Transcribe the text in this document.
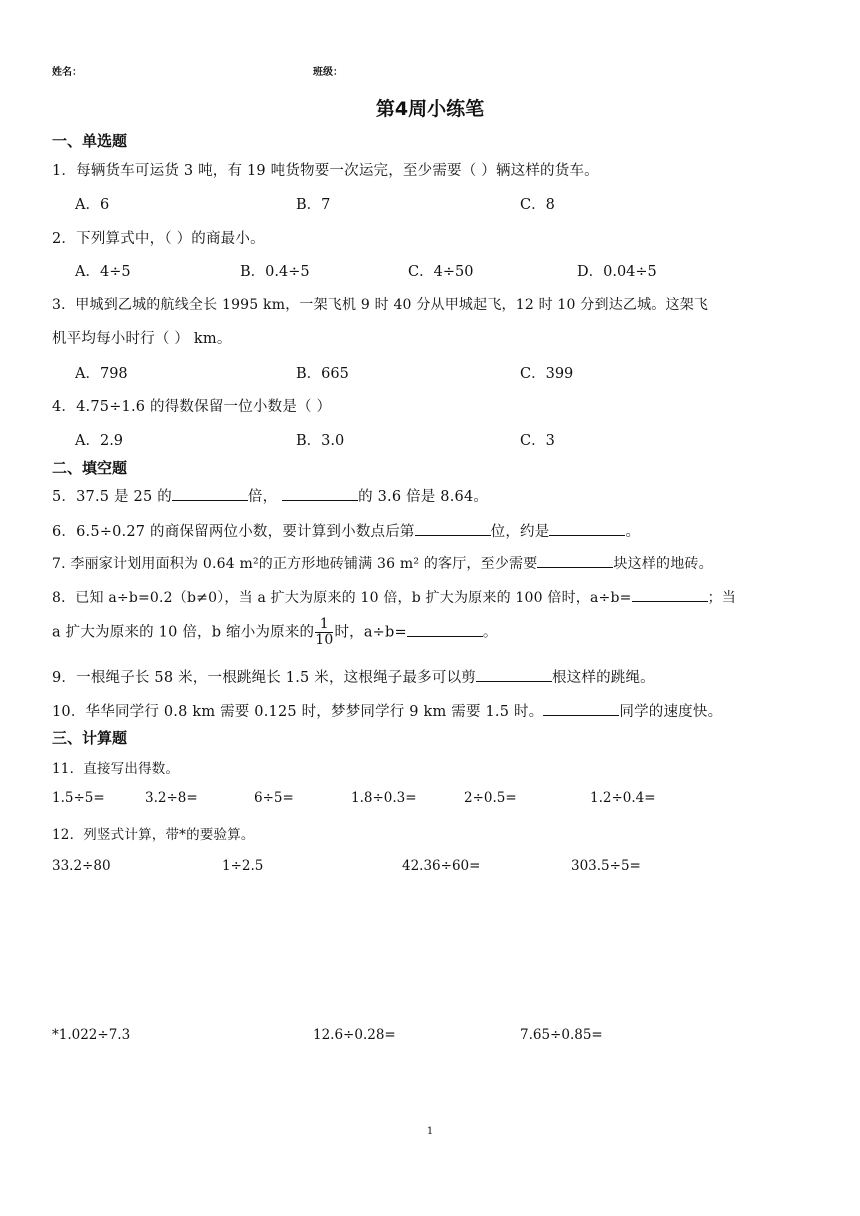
姓名：	班级：
第4周小练笔
一、单选题
1．每辆货车可运货 3 吨，有 19 吨货物要一次运完，至少需要（ ）辆这样的货车。
A．6	B．7	C．8
2．下列算式中，（ ）的商最小。
A．4÷5	B．0.4÷5	C．4÷50	D．0.04÷5
3．甲城到乙城的航线全长 1995 km，一架飞机 9 时 40 分从甲城起飞，12 时 10 分到达乙城。这架飞
机平均每小时行（ ） km。
A．798	B．665	C．399
4．4.75÷1.6 的得数保留一位小数是（ ）
A．2.9	B．3.0	C．3
二、填空题
5．37.5 是 25 的	倍，	的 3.6 倍是 8.64。
6．6.5÷0.27 的商保留两位小数，要计算到小数点后第	位，约是	。
7. 李丽家计划用面积为 0.64 m²的正方形地砖铺满 36 m² 的客厅，至少需要	块这样的地砖。
8．已知 a÷b=0.2（b≠0），当 a 扩大为原来的 10 倍，b 扩大为原来的 100 倍时，a÷b=	；当
a 扩大为原来的 10 倍，b 缩小为原来的 $\frac{1}{10}$ 时，a÷b=	。
9．一根绳子长 58 米，一根跳绳长 1.5 米，这根绳子最多可以剪	根这样的跳绳。
10．华华同学行 0.8 km 需要 0.125 时，梦梦同学行 9 km 需要 1.5 时。	同学的速度快。
三、计算题
11．直接写出得数。
1.5÷5=	3.2÷8=	6÷5=	1.8÷0.3=	2÷0.5=	1.2÷0.4=
12．列竖式计算，带*的要验算。
33.2÷80	1÷2.5	42.36÷60=	303.5÷5=
*1.022÷7.3	12.6÷0.28=	7.65÷0.85=
1
